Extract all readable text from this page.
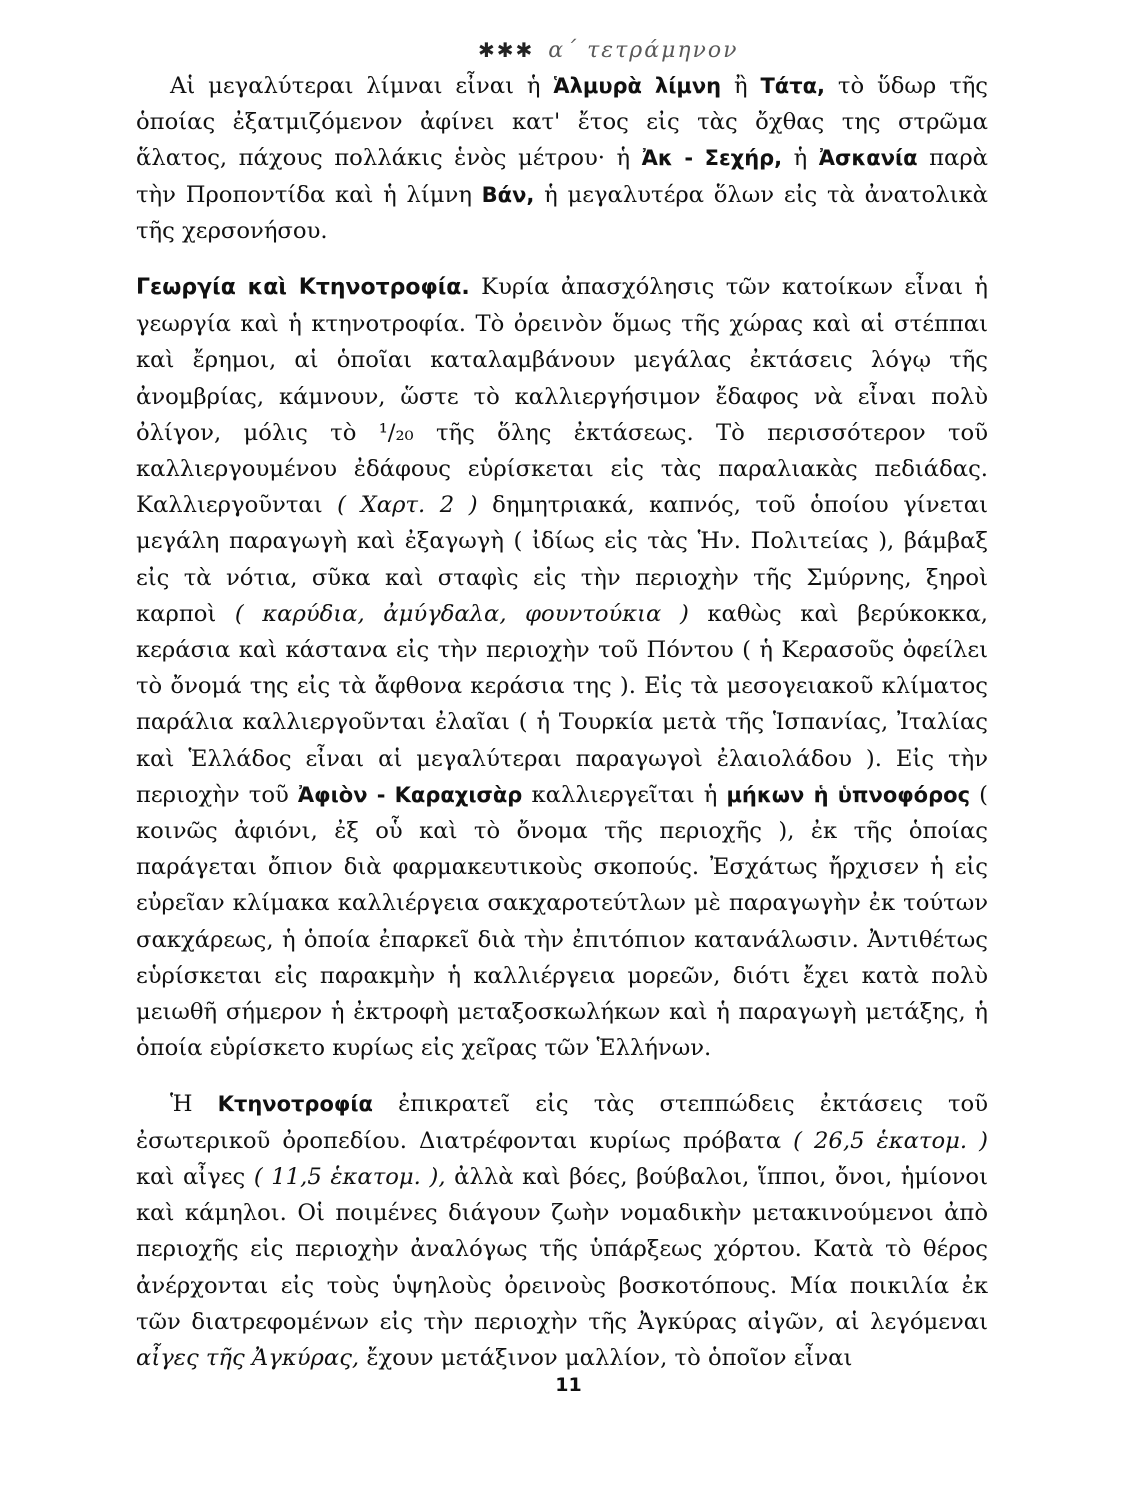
✱✱✱ α´ τετράμηνον

Αἱ μεγαλύτεραι λίμναι εἶναι ἡ Ἁλμυρὰ λίμνη ἢ Τάτα, τὸ ὕδωρ τῆς ὁποίας ἐξατμιζόμενον ἀφίνει κατ' ἔτος εἰς τὰς ὄχθας της στρῶμα ἅλατος, πάχους πολλάκις ἑνὸς μέτρου· ἡ Ἀκ - Σεχήρ, ἡ Ἀσκανία παρὰ τὴν Προποντίδα καὶ ἡ λίμνη Βάν, ἡ μεγαλυτέρα ὅλων εἰς τὰ ἀνατολικὰ τῆς χερσονήσου.

Γεωργία καὶ Κτηνοτροφία. Κυρία ἀπασχόλησις τῶν κατοίκων εἶναι ἡ γεωργία καὶ ἡ κτηνοτροφία. Τὸ ὀρεινὸν ὅμως τῆς χώρας καὶ αἱ στέππαι καὶ ἔρημοι, αἱ ὁποῖαι καταλαμβάνουν μεγάλας ἐκτάσεις λόγῳ τῆς ἀνομβρίας, κάμνουν, ὥστε τὸ καλλιεργήσιμον ἔδαφος νὰ εἶναι πολὺ ὀλίγον, μόλις τὸ ¹/₂₀ τῆς ὅλης ἐκτάσεως. Τὸ περισσότερον τοῦ καλλιεργουμένου ἐδάφους εὑρίσκεται εἰς τὰς παραλιακὰς πεδιάδας. Καλλιεργοῦνται ( Χαρτ. 2 ) δημητριακά, καπνός, τοῦ ὁποίου γίνεται μεγάλη παραγωγὴ καὶ ἐξαγωγὴ ( ἰδίως εἰς τὰς Ἡν. Πολιτείας ), βάμβαξ εἰς τὰ νότια, σῦκα καὶ σταφὶς εἰς τὴν περιοχὴν τῆς Σμύρνης, ξηροὶ καρποὶ ( καρύδια, ἀμύγδαλα, φουντούκια ) καθὼς καὶ βερύκοκκα, κεράσια καὶ κάστανα εἰς τὴν περιοχὴν τοῦ Πόντου ( ἡ Κερασοῦς ὀφείλει τὸ ὄνομά της εἰς τὰ ἄφθονα κεράσια της ). Εἰς τὰ μεσογειακοῦ κλίματος παράλια καλλιεργοῦνται ἐλαῖαι ( ἡ Τουρκία μετὰ τῆς Ἱσπανίας, Ἰταλίας καὶ Ἑλλάδος εἶναι αἱ μεγαλύτεραι παραγωγοὶ ἐλαιολάδου ). Εἰς τὴν περιοχὴν τοῦ Ἀφιὸν - Καραχισὰρ καλλιεργεῖται ἡ μήκων ἡ ὑπνοφόρος ( κοινῶς ἀφιόνι, ἐξ οὗ καὶ τὸ ὄνομα τῆς περιοχῆς ), ἐκ τῆς ὁποίας παράγεται ὄπιον διὰ φαρμακευτικοὺς σκοπούς. Ἐσχάτως ἤρχισεν ἡ εἰς εὐρεῖαν κλίμακα καλλιέργεια σακχαροτεύτλων μὲ παραγωγὴν ἐκ τούτων σακχάρεως, ἡ ὁποία ἐπαρκεῖ διὰ τὴν ἐπιτόπιον κατανάλωσιν. Ἀντιθέτως εὑρίσκεται εἰς παρακμὴν ἡ καλλιέργεια μορεῶν, διότι ἔχει κατὰ πολὺ μειωθῆ σήμερον ἡ ἐκτροφὴ μεταξοσκωλήκων καὶ ἡ παραγωγὴ μετάξης, ἡ ὁποία εὑρίσκετο κυρίως εἰς χεῖρας τῶν Ἑλλήνων.

Ἡ Κτηνοτροφία ἐπικρατεῖ εἰς τὰς στεππώδεις ἐκτάσεις τοῦ ἐσωτερικοῦ ὀροπεδίου. Διατρέφονται κυρίως πρόβατα ( 26,5 ἑκατομ. ) καὶ αἶγες ( 11,5 ἑκατομ. ), ἀλλὰ καὶ βόες, βούβαλοι, ἵπποι, ὄνοι, ἡμίονοι καὶ κάμηλοι. Οἱ ποιμένες διάγουν ζωὴν νομαδικὴν μετακινούμενοι ἀπὸ περιοχῆς εἰς περιοχὴν ἀναλόγως τῆς ὑπάρξεως χόρτου. Κατὰ τὸ θέρος ἀνέρχονται εἰς τοὺς ὑψηλοὺς ὀρεινοὺς βοσκοτόπους. Μία ποικιλία ἐκ τῶν διατρεφομένων εἰς τὴν περιοχὴν τῆς Ἀγκύρας αἰγῶν, αἱ λεγόμεναι αἶγες τῆς Ἀγκύρας, ἔχουν μετάξινον μαλλίον, τὸ ὁποῖον εἶναι

11
